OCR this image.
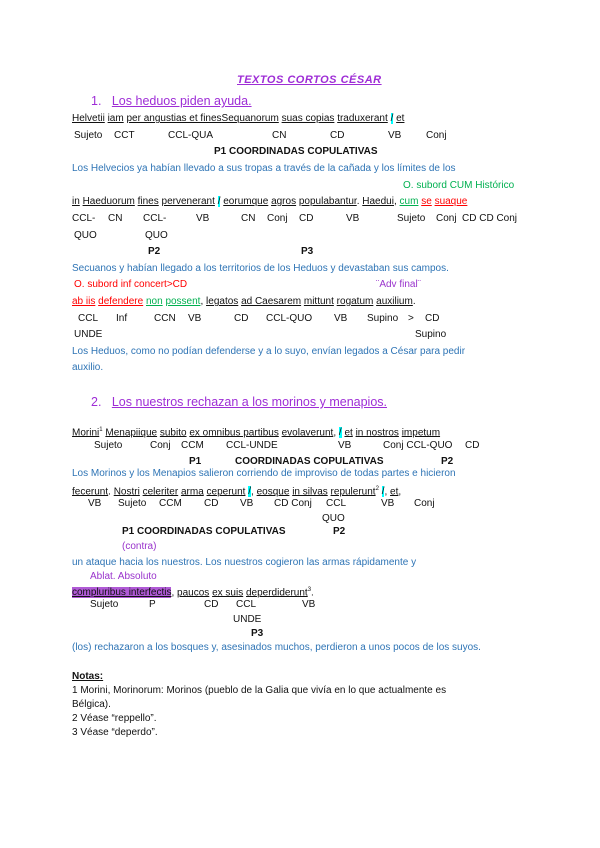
TEXTOS CORTOS CÉSAR
1. Los heduos piden ayuda.
Helvetii iam per angustias et finesSequanorum suas copias traduxerant / et
Sujeto CCT	CCL-QUA	CN	CD	VB Conj
P1 COORDINADAS COPULATIVAS
Los Helvecios ya habían llevado a sus tropas a través de la cañada y los límites de los
O. subord CUM Histórico
in Haeduorum fines pervenerant / eorumque agros populabantur. Haedui, cum se suaque
CCL- CN CCL-	VB	CN Conj CD	VB	Sujeto Conj CD CD Conj
QUO	QUO
P2	P3
Secuanos y habían llegado a los territorios de los Heduos y devastaban sus campos.
O. subord inf concert>CD	¨Adv final¨
ab iis defendere non possent, legatos ad Caesarem mittunt rogatum auxilium.
CCL Inf	CCN VB	CD CCL-QUO VB Supino > CD
UNDE	Supino
Los Heduos, como no podían defenderse y a lo suyo, envían legados a César para pedir
auxilio.
2. Los nuestros rechazan a los morinos y menapios.
Morini$^1$ Menapiique subito ex omnibus partibus evolaverunt, / et in nostros impetum
Sujeto	Conj CCM CCL-UNDE	VB	Conj CCL-QUO CD
P1	COORDINADAS COPULATIVAS	P2
Los Morinos y los Menapios salieron corriendo de improviso de todas partes e hicieron
fecerunt. Nostri celeriter arma ceperunt /, eosque in silvas repulerunt$^2$ /, et,
VB Sujeto CCM CD VB CD Conj CCL	VB Conj
QUO
P1 COORDINADAS COPULATIVAS	P2
(contra)
un ataque hacia los nuestros. Los nuestros cogieron las armas rápidamente y
Ablat. Absoluto
compluribus interfectis, paucos ex suis deperdiderunt$^3$.
Sujeto	P	CD CCL	VB
UNDE
P3
(los) rechazaron a los bosques y, asesinados muchos, perdieron a unos pocos de los suyos.
Notas:
1 Morini, Morinorum: Morinos (pueblo de la Galia que vivía en lo que actualmente es
Bélgica).
2 Véase “reppello”.
3 Véase “deperdo”.
